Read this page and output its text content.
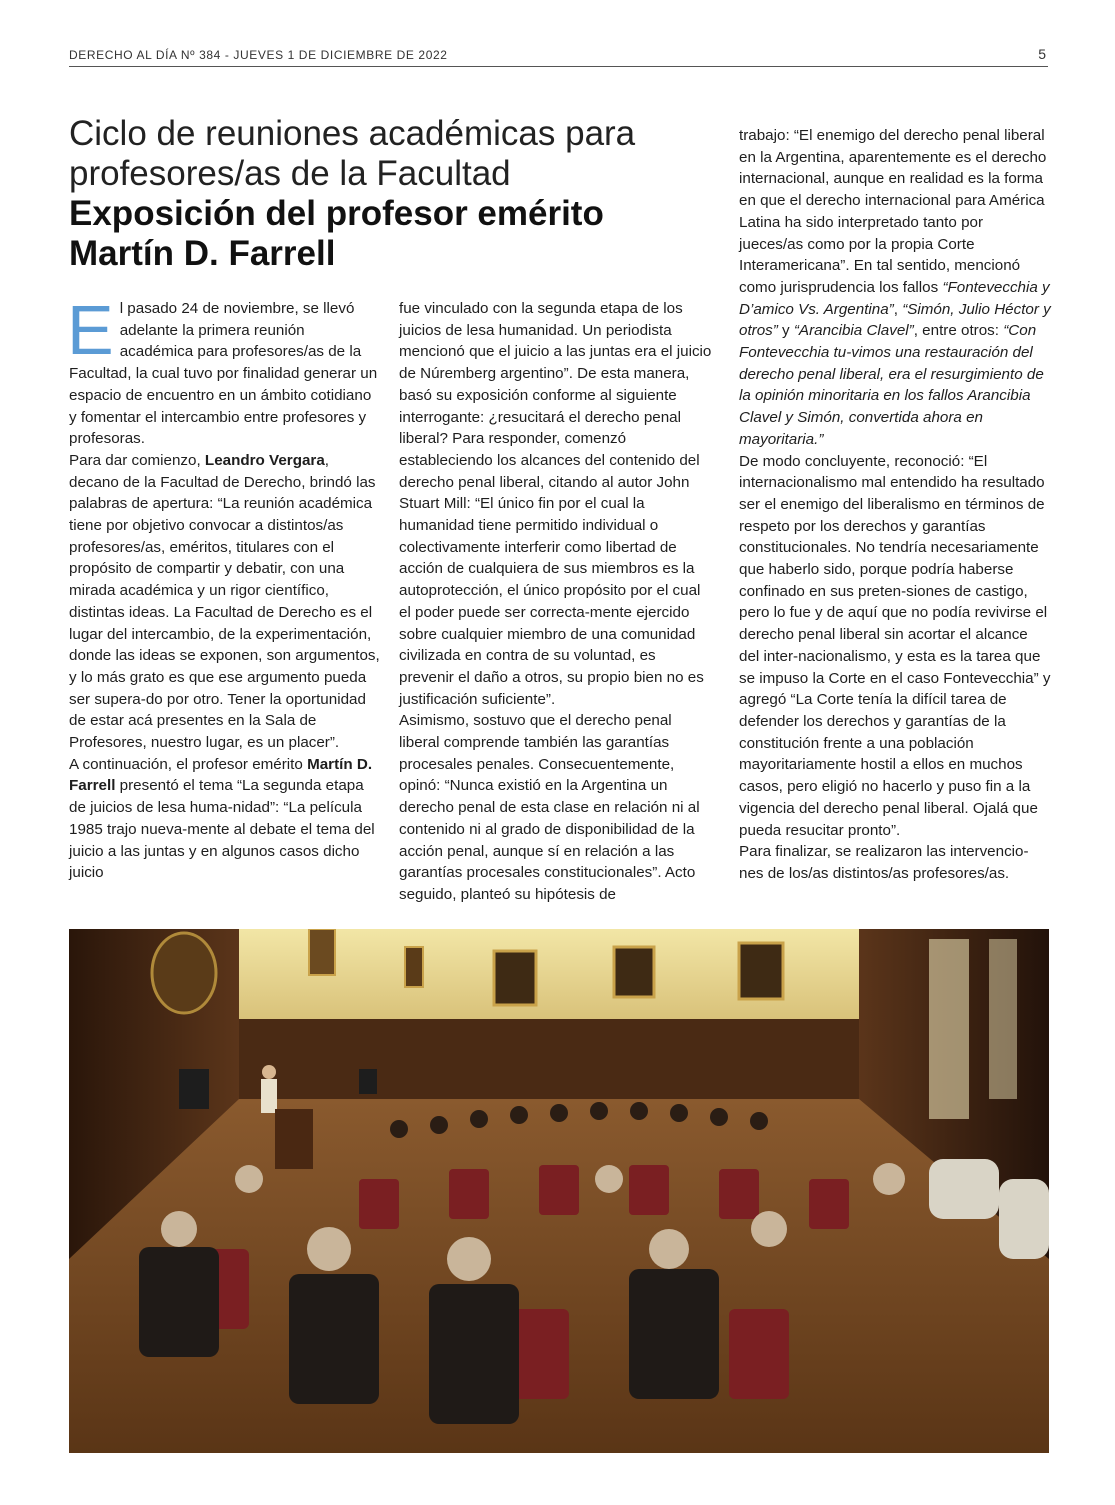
DERECHO AL DÍA Nº 384 - JUEVES 1 DE DICIEMBRE DE 2022	5
Ciclo de reuniones académicas para
profesores/as de la Facultad
Exposición del profesor emérito
Martín D. Farrell

El pasado 24 de noviembre, se llevó adelante la primera reunión académica para profesores/as de la Facultad, la cual tuvo por finalidad generar un espacio de encuentro en un ámbito cotidiano y fomentar el intercambio entre profesores y profesoras.

Para dar comienzo, Leandro Vergara, decano de la Facultad de Derecho, brindó las palabras de apertura: “La reunión académica tiene por objetivo convocar a distintos/as profesores/as, eméritos, titulares con el propósito de compartir y debatir, con una mirada académica y un rigor científico, distintas ideas. La Facultad de Derecho es el lugar del intercambio, de la experimentación, donde las ideas se exponen, son argumentos, y lo más grato es que ese argumento pueda ser supera-do por otro. Tener la oportunidad de estar acá presentes en la Sala de Profesores, nuestro lugar, es un placer”.

A continuación, el profesor emérito Martín D. Farrell presentó el tema “La segunda etapa de juicios de lesa huma-nidad”: “La película 1985 trajo nueva-mente al debate el tema del juicio a las juntas y en algunos casos dicho juicio

fue vinculado con la segunda etapa de los juicios de lesa humanidad. Un periodista mencionó que el juicio a las juntas era el juicio de Núremberg argentino”. De esta manera, basó su exposición conforme al siguiente interrogante: ¿resucitará el derecho penal liberal? Para responder, comenzó estableciendo los alcances del contenido del derecho penal liberal, citando al autor John Stuart Mill: “El único fin por el cual la humanidad tiene permitido individual o colectivamente interferir como libertad de acción de cualquiera de sus miembros es la autoprotección, el único propósito por el cual el poder puede ser correcta-mente ejercido sobre cualquier miembro de una comunidad civilizada en contra de su voluntad, es prevenir el daño a otros, su propio bien no es justificación suficiente”.

Asimismo, sostuvo que el derecho penal liberal comprende también las garantías procesales penales. Consecuentemente, opinó: “Nunca existió en la Argentina un derecho penal de esta clase en relación ni al contenido ni al grado de disponibilidad de la acción penal, aunque sí en relación a las garantías procesales constitucionales”. Acto seguido, planteó su hipótesis de

trabajo: “El enemigo del derecho penal liberal en la Argentina, aparentemente es el derecho internacional, aunque en realidad es la forma en que el derecho internacional para América Latina ha sido interpretado tanto por jueces/as como por la propia Corte Interamericana”. En tal sentido, mencionó como jurisprudencia los fallos “Fontevecchia y D’amico Vs. Argentina”, “Simón, Julio Héctor y otros” y “Arancibia Clavel”, entre otros: “Con Fontevecchia tu-vimos una restauración del derecho penal liberal, era el resurgimiento de la opinión minoritaria en los fallos Arancibia Clavel y Simón, convertida ahora en mayoritaria.”

De modo concluyente, reconoció: “El internacionalismo mal entendido ha resultado ser el enemigo del liberalismo en términos de respeto por los derechos y garantías constitucionales. No tendría necesariamente que haberlo sido, porque podría haberse confinado en sus preten-siones de castigo, pero lo fue y de aquí que no podía revivirse el derecho penal liberal sin acortar el alcance del inter-nacionalismo, y esta es la tarea que se impuso la Corte en el caso Fontevecchia” y agregó “La Corte tenía la difícil tarea de defender los derechos y garantías de la constitución frente a una población mayoritariamente hostil a ellos en muchos casos, pero eligió no hacerlo y puso fin a la vigencia del derecho penal liberal. Ojalá que pueda resucitar pronto”.

Para finalizar, se realizaron las intervencio-nes de los/as distintos/as profesores/as.
